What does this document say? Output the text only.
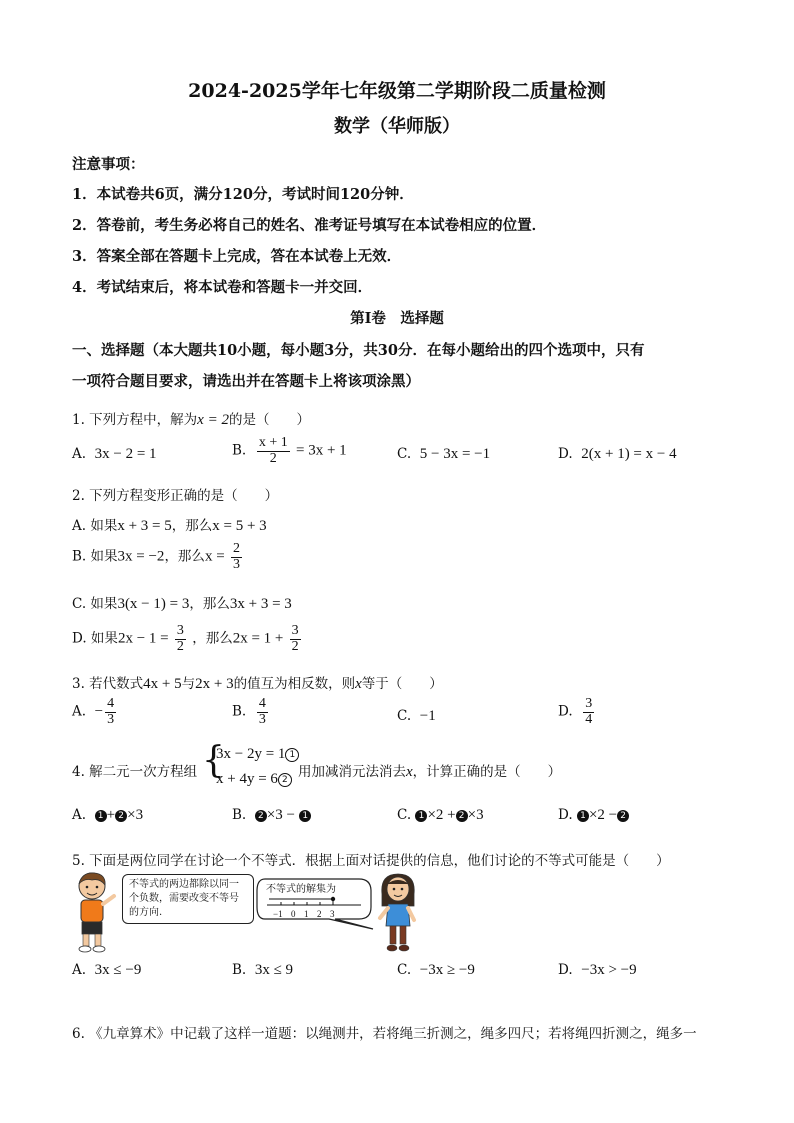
2024-2025学年七年级第二学期阶段二质量检测
数学（华师版）
注意事项：
1．本试卷共6页，满分120分，考试时间120分钟．
2．答卷前，考生务必将自己的姓名、准考证号填写在本试卷相应的位置．
3．答案全部在答题卡上完成，答在本试卷上无效．
4．考试结束后，将本试卷和答题卡一并交回．
第Ⅰ卷　选择题
一、选择题（本大题共10小题，每小题3分，共30分．在每小题给出的四个选项中，只有
一项符合题目要求，请选出并在答题卡上将该项涂黑）
1. 下列方程中，解为x = 2的是（　　）
A. 3x − 2 = 1	B. $\frac{x + 1}{2} = 3x + 1$	C. 5 − 3x = −1	D. 2(x + 1) = x − 4
2. 下列方程变形正确的是（　　）
A. 如果x + 3 = 5，那么x = 5 + 3
B. 如果3x = −2，那么$x = \frac{2}{3}$
C. 如果3(x − 1) = 3，那么3x + 3 = 3
D. 如果$2x - 1 = \frac{3}{2}$ ，那么$2x = 1 + \frac{3}{2}$
3. 若代数式4x + 5与2x + 3的值互为相反数，则x等于（　　）
A. − $\frac{4}{3}$	B. $\frac{4}{3}$	C. −1	D. $\frac{3}{4}$
4. 解二元一次方程组 {
3x − 2y = 1 1
x + 4y = 6 2 用加减消元法消去x，计算正确的是（　　）
A. 1 + 2 ×3	B. 2 ×3 − 1	C. 1 ×2 + 2 ×3	D. 1 ×2 − 2
5. 下面是两位同学在讨论一个不等式．根据上面对话提供的信息，他们讨论的不等式可能是（　　）
不等式的两边都除以同一个负数，需要改变不等号的方向.
不等式的解集为
−1 0 1 2 3
A. 3x ≤ −9	B. 3x ≤ 9	C. −3x ≥ −9	D. −3x > −9
6. 《九章算术》中记载了这样一道题：以绳测井，若将绳三折测之，绳多四尺；若将绳四折测之，绳多一
